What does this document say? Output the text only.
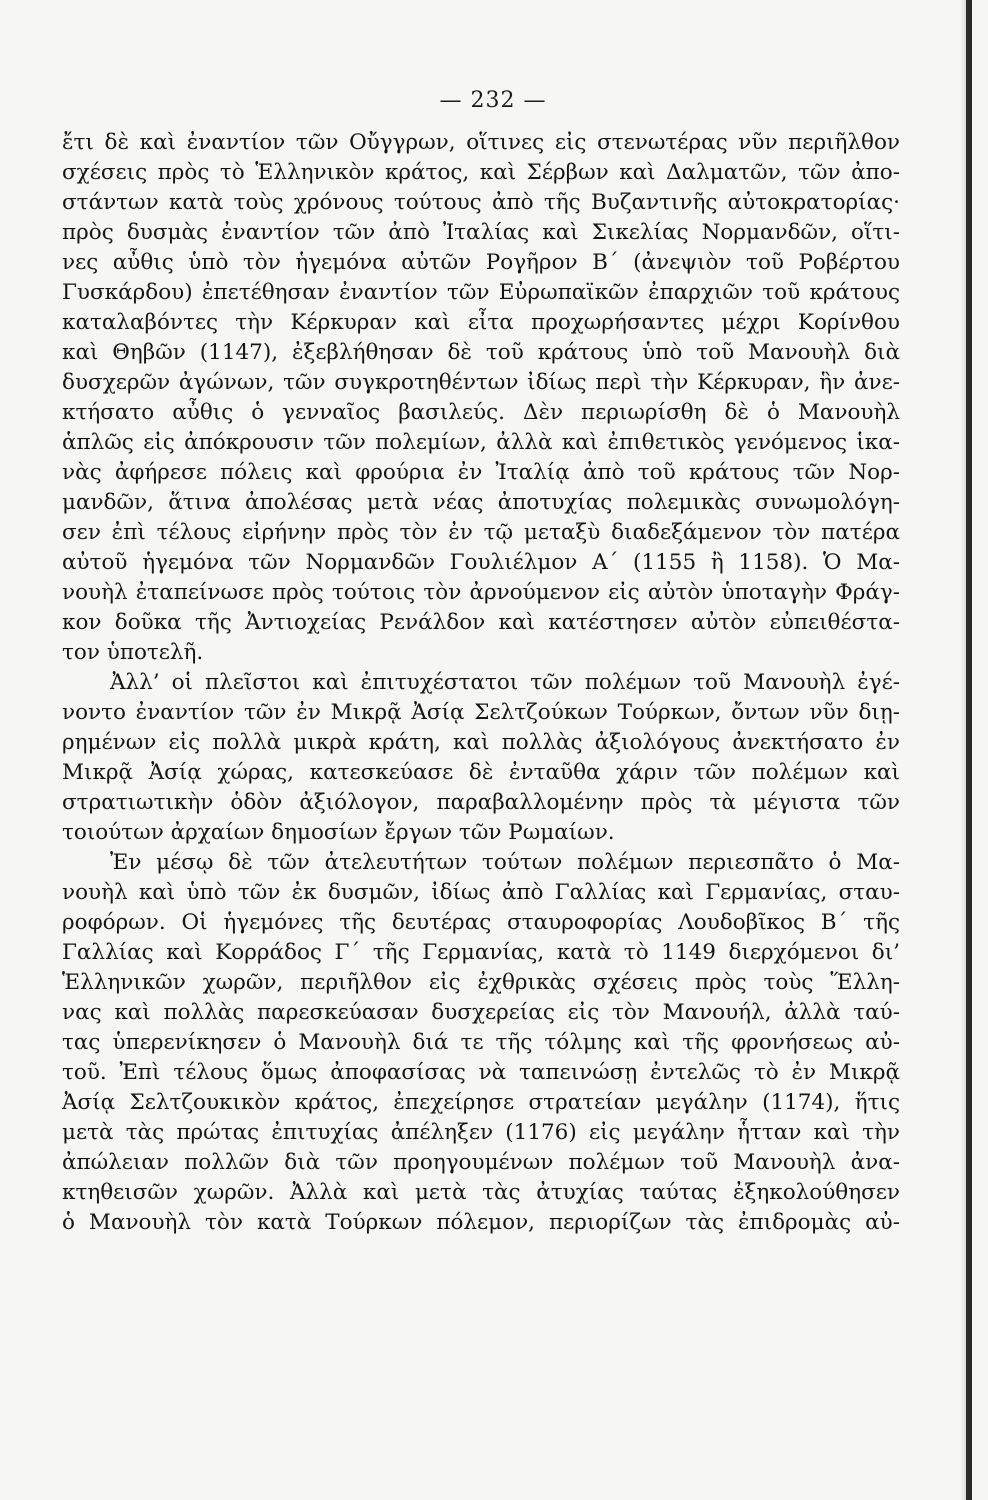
— 232 —
ἔτι δὲ καὶ ἐναντίον τῶν Οὔγγρων, οἵτινες εἰς στενωτέρας νῦν περιῆλθον
σχέσεις πρὸς τὸ Ἑλληνικὸν κράτος, καὶ Σέρβων καὶ Δαλματῶν, τῶν ἀπο-
στάντων κατὰ τοὺς χρόνους τούτους ἀπὸ τῆς Βυζαντινῆς αὐτοκρατορίας·
πρὸς δυσμὰς ἐναντίον τῶν ἀπὸ Ἰταλίας καὶ Σικελίας Νορμανδῶν, οἵτι-
νες αὖθις ὑπὸ τὸν ἡγεμόνα αὐτῶν Ρογῆρον Β΄ (ἀνεψιὸν τοῦ Ροβέρτου
Γυσκάρδου) ἐπετέθησαν ἐναντίον τῶν Εὐρωπαϊκῶν ἐπαρχιῶν τοῦ κράτους
καταλαβόντες τὴν Κέρκυραν καὶ εἶτα προχωρήσαντες μέχρι Κορίνθου
καὶ Θηβῶν (1147), ἐξεβλήθησαν δὲ τοῦ κράτους ὑπὸ τοῦ Μανουὴλ διὰ
δυσχερῶν ἀγώνων, τῶν συγκροτηθέντων ἰδίως περὶ τὴν Κέρκυραν, ἣν ἀνε-
κτήσατο αὖθις ὁ γενναῖος βασιλεύς. Δὲν περιωρίσθη δὲ ὁ Μανουὴλ
ἁπλῶς εἰς ἀπόκρουσιν τῶν πολεμίων, ἀλλὰ καὶ ἐπιθετικὸς γενόμενος ἱκα-
νὰς ἀφήρεσε πόλεις καὶ φρούρια ἐν Ἰταλίᾳ ἀπὸ τοῦ κράτους τῶν Νορ-
μανδῶν, ἅτινα ἀπολέσας μετὰ νέας ἀποτυχίας πολεμικὰς συνωμολόγη-
σεν ἐπὶ τέλους εἰρήνην πρὸς τὸν ἐν τῷ μεταξὺ διαδεξάμενον τὸν πατέρα
αὐτοῦ ἡγεμόνα τῶν Νορμανδῶν Γουλιέλμον Α΄ (1155 ἢ 1158). Ὁ Μα-
νουὴλ ἐταπείνωσε πρὸς τούτοις τὸν ἀρνούμενον εἰς αὐτὸν ὑποταγὴν Φράγ-
κον δοῦκα τῆς Ἀντιοχείας Ρενάλδον καὶ κατέστησεν αὐτὸν εὐπειθέστα-
τον ὑποτελῆ.
Ἀλλ’ οἱ πλεῖστοι καὶ ἐπιτυχέστατοι τῶν πολέμων τοῦ Μανουὴλ ἐγέ-
νοντο ἐναντίον τῶν ἐν Μικρᾷ Ἀσίᾳ Σελτζούκων Τούρκων, ὄντων νῦν διῃ-
ρημένων εἰς πολλὰ μικρὰ κράτη, καὶ πολλὰς ἀξιολόγους ἀνεκτήσατο ἐν
Μικρᾷ Ἀσίᾳ χώρας, κατεσκεύασε δὲ ἐνταῦθα χάριν τῶν πολέμων καὶ
στρατιωτικὴν ὁδὸν ἀξιόλογον, παραβαλλομένην πρὸς τὰ μέγιστα τῶν
τοιούτων ἀρχαίων δημοσίων ἔργων τῶν Ρωμαίων.
Ἐν μέσῳ δὲ τῶν ἀτελευτήτων τούτων πολέμων περιεσπᾶτο ὁ Μα-
νουὴλ καὶ ὑπὸ τῶν ἐκ δυσμῶν, ἰδίως ἀπὸ Γαλλίας καὶ Γερμανίας, σταυ-
ροφόρων. Οἱ ἡγεμόνες τῆς δευτέρας σταυροφορίας Λουδοβῖκος Β΄ τῆς
Γαλλίας καὶ Κορράδος Γ΄ τῆς Γερμανίας, κατὰ τὸ 1149 διερχόμενοι δι’
Ἑλληνικῶν χωρῶν, περιῆλθον εἰς ἐχθρικὰς σχέσεις πρὸς τοὺς Ἕλλη-
νας καὶ πολλὰς παρεσκεύασαν δυσχερείας εἰς τὸν Μανουήλ, ἀλλὰ ταύ-
τας ὑπερενίκησεν ὁ Μανουὴλ διά τε τῆς τόλμης καὶ τῆς φρονήσεως αὐ-
τοῦ. Ἐπὶ τέλους ὅμως ἀποφασίσας νὰ ταπεινώσῃ ἐντελῶς τὸ ἐν Μικρᾷ
Ἀσίᾳ Σελτζουκικὸν κράτος, ἐπεχείρησε στρατείαν μεγάλην (1174), ἥτις
μετὰ τὰς πρώτας ἐπιτυχίας ἀπέληξεν (1176) εἰς μεγάλην ἧτταν καὶ τὴν
ἀπώλειαν πολλῶν διὰ τῶν προηγουμένων πολέμων τοῦ Μανουὴλ ἀνα-
κτηθεισῶν χωρῶν. Ἀλλὰ καὶ μετὰ τὰς ἀτυχίας ταύτας ἐξηκολούθησεν
ὁ Μανουὴλ τὸν κατὰ Τούρκων πόλεμον, περιορίζων τὰς ἐπιδρομὰς αὐ-
